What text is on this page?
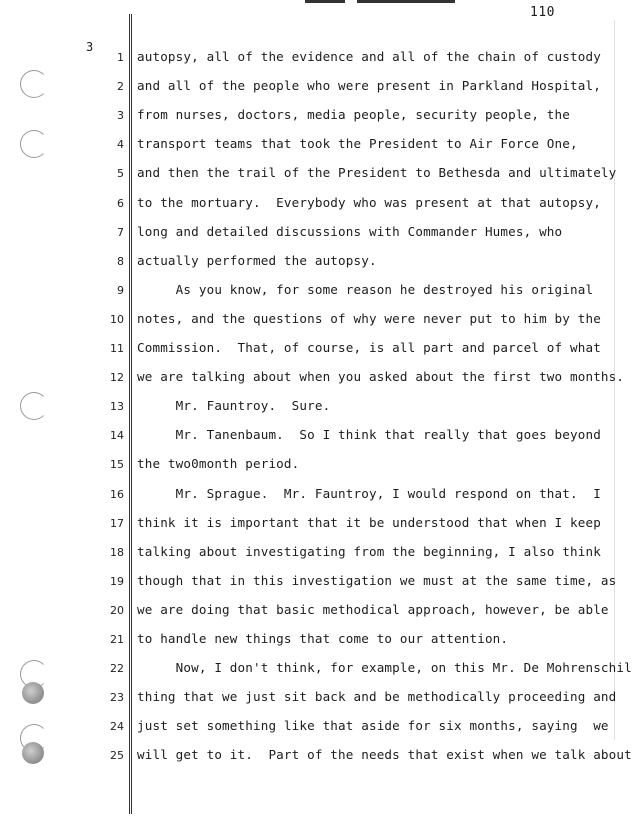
110
3
1 autopsy, all of the evidence and all of the chain of custody
2 and all of the people who were present in Parkland Hospital,
3 from nurses, doctors, media people, security people, the
4 transport teams that took the President to Air Force One,
5 and then the trail of the President to Bethesda and ultimately
6 to the mortuary.  Everybody who was present at that autopsy,
7 long and detailed discussions with Commander Humes, who
8 actually performed the autopsy.
9 As you know, for some reason he destroyed his original
10 notes, and the questions of why were never put to him by the
11 Commission.  That, of course, is all part and parcel of what
12 we are talking about when you asked about the first two months.
13 Mr. Fauntroy.  Sure.
14 Mr. Tanenbaum.  So I think that really that goes beyond
15 the two0month period.
16 Mr. Sprague.  Mr. Fauntroy, I would respond on that.  I
17 think it is important that it be understood that when I keep
18 talking about investigating from the beginning, I also think
19 though that in this investigation we must at the same time, as
20 we are doing that basic methodical approach, however, be able
21 to handle new things that come to our attention.
22 Now, I don't think, for example, on this Mr. De Mohrenschil
23 thing that we just sit back and be methodically proceeding and
24 just set something like that aside for six months, saying  we
25 will get to it.  Part of the needs that exist when we talk about
